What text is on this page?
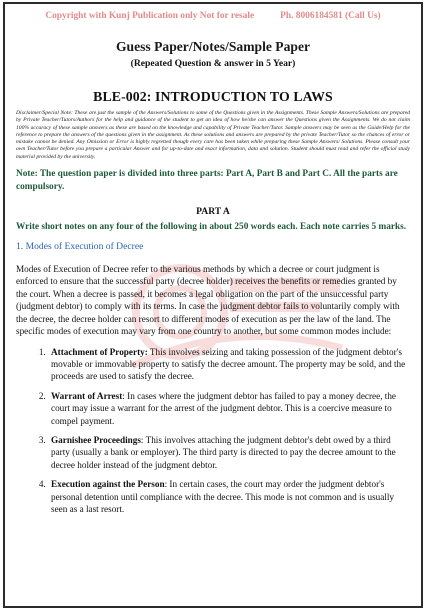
Copyright with Kunj Publication only Not for resale	Ph. 8006184581 (Call Us)
Guess Paper/Notes/Sample Paper
(Repeated Question & answer in 5 Year)
BLE-002: INTRODUCTION TO LAWS
Disclaimer/Special Note: These are just the sample of the Answers/Solutions to some of the Questions given in the Assignments. These Sample Answers/Solutions are prepared by Private Teacher/Tutors/Authors for the help and guidance of the student to get an idea of how he/she can answer the Questions given the Assignments. We do not claim 100% accuracy of these sample answers as these are based on the knowledge and capability of Private Teacher/Tutor. Sample answers may be seen as the Guide/Help for the reference to prepare the answers of the questions given in the assignment. As these solutions and answers are prepared by the private Teacher/Tutor so the chances of error or mistake cannot be denied. Any Omission or Error is highly regretted though every care has been taken while preparing these Sample Answers/ Solutions. Please consult your own Teacher/Tutor before you prepare a particular Answer and for up-to-date and exact information, data and solution. Student should must read and refer the official study material provided by the university.
Note: The question paper is divided into three parts: Part A, Part B and Part C. All the parts are compulsory.
PART A
Write short notes on any four of the following in about 250 words each. Each note carries 5 marks.
1. Modes of Execution of Decree
Modes of Execution of Decree refer to the various methods by which a decree or court judgment is enforced to ensure that the successful party (decree holder) receives the benefits or remedies granted by the court. When a decree is passed, it becomes a legal obligation on the part of the unsuccessful party (judgment debtor) to comply with its terms. In case the judgment debtor fails to voluntarily comply with the decree, the decree holder can resort to different modes of execution as per the law of the land. The specific modes of execution may vary from one country to another, but some common modes include:
1. Attachment of Property: This involves seizing and taking possession of the judgment debtor's movable or immovable property to satisfy the decree amount. The property may be sold, and the proceeds are used to satisfy the decree.
2. Warrant of Arrest: In cases where the judgment debtor has failed to pay a money decree, the court may issue a warrant for the arrest of the judgment debtor. This is a coercive measure to compel payment.
3. Garnishee Proceedings: This involves attaching the judgment debtor's debt owed by a third party (usually a bank or employer). The third party is directed to pay the decree amount to the decree holder instead of the judgment debtor.
4. Execution against the Person: In certain cases, the court may order the judgment debtor's personal detention until compliance with the decree. This mode is not common and is usually seen as a last resort.
